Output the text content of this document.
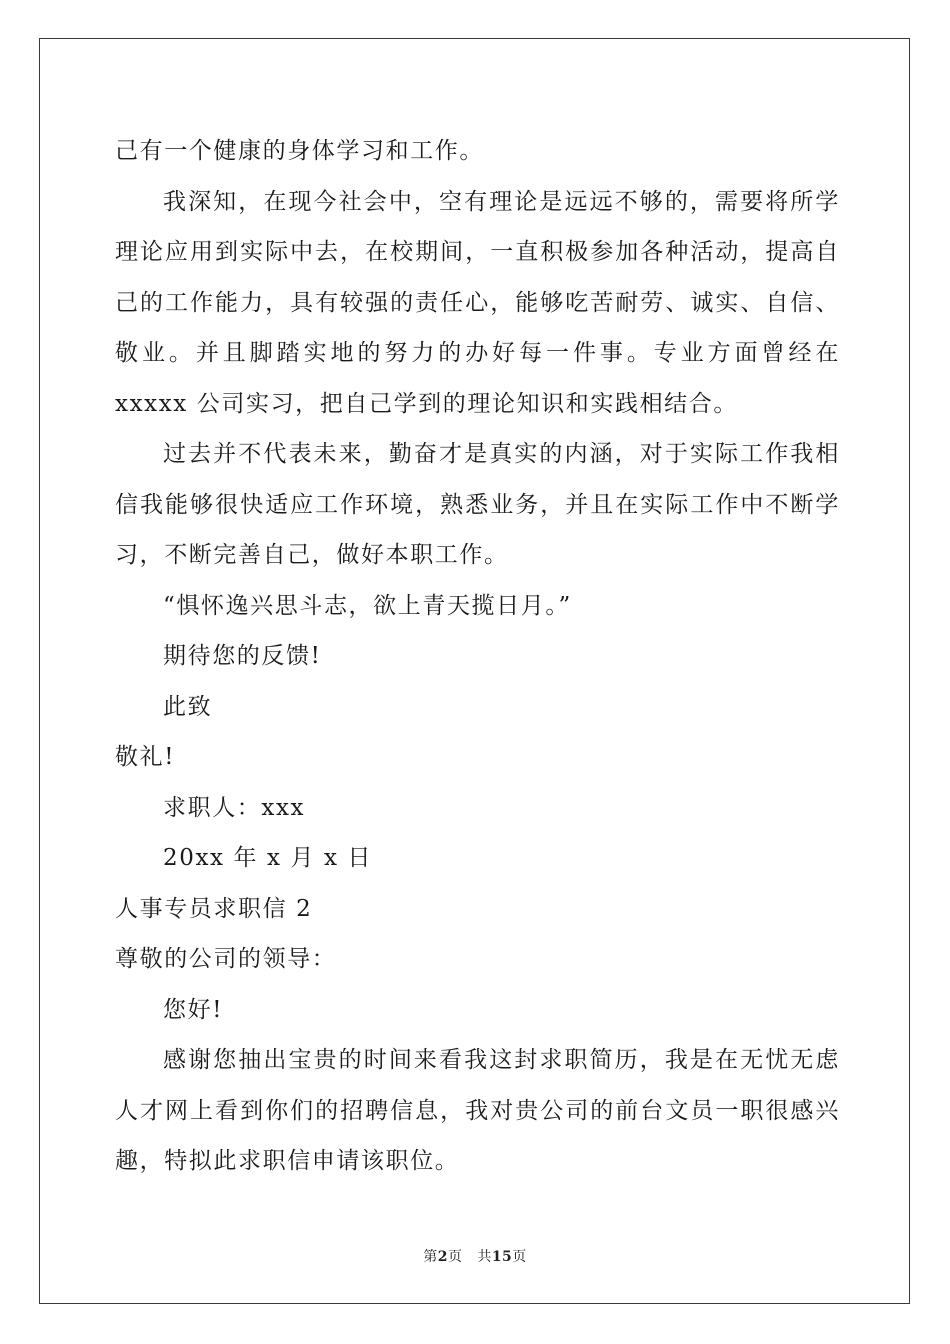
己有一个健康的身体学习和工作。

我深知，在现今社会中，空有理论是远远不够的，需要将所学理论应用到实际中去，在校期间，一直积极参加各种活动，提高自己的工作能力，具有较强的责任心，能够吃苦耐劳、诚实、自信、敬业。并且脚踏实地的努力的办好每一件事。专业方面曾经在 xxxxx 公司实习，把自己学到的理论知识和实践相结合。

过去并不代表未来，勤奋才是真实的内涵，对于实际工作我相信我能够很快适应工作环境，熟悉业务，并且在实际工作中不断学习，不断完善自己，做好本职工作。

“惧怀逸兴思斗志，欲上青天揽日月。”

期待您的反馈!

此致

敬礼!

求职人：xxx

20xx 年 x 月 x 日

人事专员求职信 2

尊敬的公司的领导：

您好!

感谢您抽出宝贵的时间来看我这封求职简历，我是在无忧无虑人才网上看到你们的招聘信息，我对贵公司的前台文员一职很感兴趣，特拟此求职信申请该职位。

第2页 共15页
